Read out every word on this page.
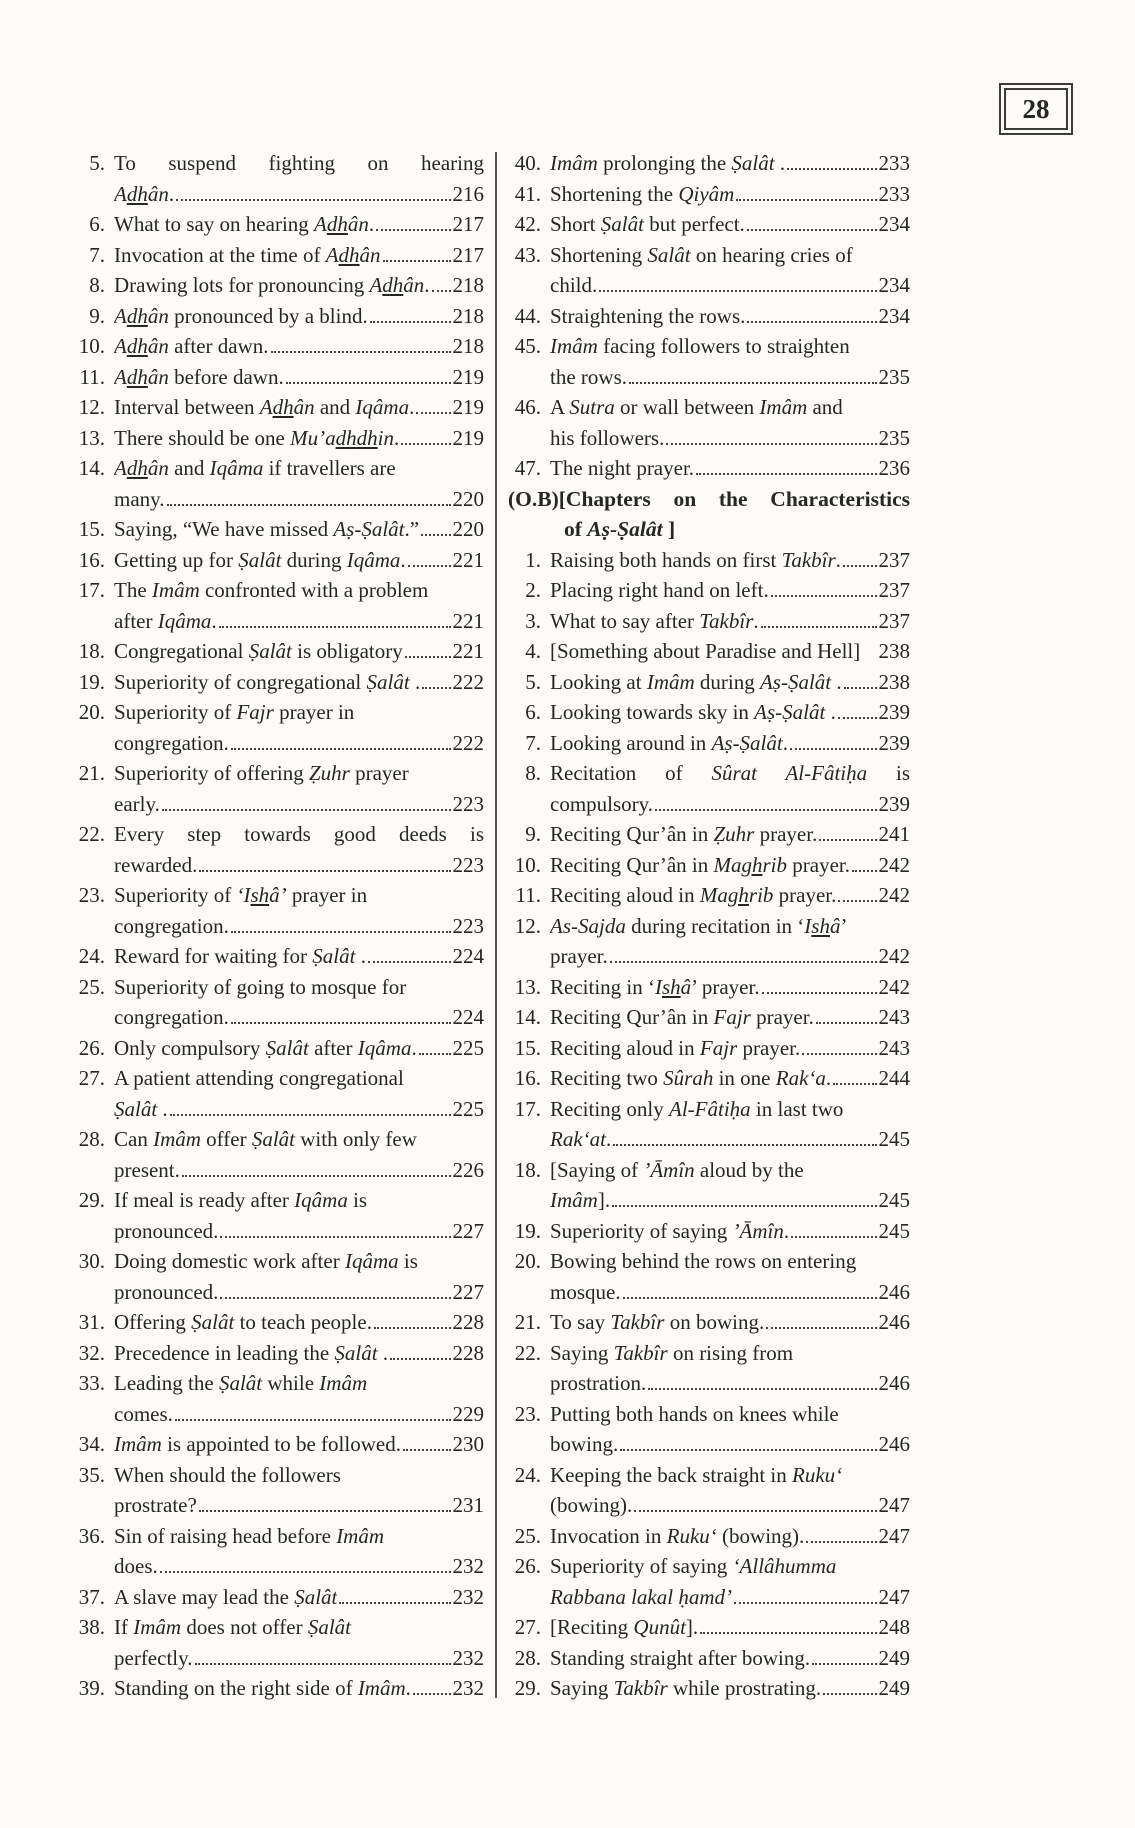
28
5. To suspend fighting on hearing
Adhân.	216
6. What to say on hearing Adhân.	217
7. Invocation at the time of Adhân	217
8. Drawing lots for pronouncing Adhân. 218
9. Adhân pronounced by a blind.	218
10. Adhân after dawn.	218
11. Adhân before dawn.	219
12. Interval between Adhân and Iqâma. 219
13. There should be one Mu’adhdhin.	219
14. Adhân and Iqâma if travellers are
many.	220
15. Saying, “We have missed Aṣ-Ṣalât.” 220
16. Getting up for Ṣalât during Iqâma. 221
17. The Imâm confronted with a problem
after Iqâma.	221
18. Congregational Ṣalât is obligatory 221
19. Superiority of congregational Ṣalât . 222
20. Superiority of Fajr prayer in
congregation.	222
21. Superiority of offering Ẓuhr prayer
early.	223
22. Every step towards good deeds is
rewarded.	223
23. Superiority of ‘Ishâ’ prayer in
congregation.	223
24. Reward for waiting for Ṣalât .	224
25. Superiority of going to mosque for
congregation.	224
26. Only compulsory Ṣalât after Iqâma. 225
27. A patient attending congregational
Ṣalât .	225
28. Can Imâm offer Ṣalât with only few
present.	226
29. If meal is ready after Iqâma is
pronounced.	227
30. Doing domestic work after Iqâma is
pronounced.	227
31. Offering Ṣalât to teach people.	228
32. Precedence in leading the Ṣalât .	228
33. Leading the Ṣalât while Imâm
comes.	229
34. Imâm is appointed to be followed. 230
35. When should the followers
prostrate?	231
36. Sin of raising head before Imâm
does.	232
37. A slave may lead the Ṣalât	232
38. If Imâm does not offer Ṣalât
perfectly.	232
39. Standing on the right side of Imâm. 232
40. Imâm prolonging the Ṣalât .	233
41. Shortening the Qiyâm	233
42. Short Ṣalât but perfect.	234
43. Shortening Salât on hearing cries of
child.	234
44. Straightening the rows.	234
45. Imâm facing followers to straighten
the rows.	235
46. A Sutra or wall between Imâm and
his followers.	235
47. The night prayer.	236
(O.B)[Chapters on the Characteristics
of Aṣ-Ṣalât ]
1. Raising both hands on first Takbîr. 237
2. Placing right hand on left.	237
3. What to say after Takbîr.	237
4. [Something about Paradise and Hell] 238
5. Looking at Imâm during Aṣ-Ṣalât . 238
6. Looking towards sky in Aṣ-Ṣalât . 239
7. Looking around in Aṣ-Ṣalât.	239
8. Recitation of Sûrat Al-Fâtiḥa is
compulsory.	239
9. Reciting Qur’ân in Ẓuhr prayer.	241
10. Reciting Qur’ân in Maghrib prayer. 242
11. Reciting aloud in Maghrib prayer. 242
12. As-Sajda during recitation in ‘Ishâ’
prayer.	242
13. Reciting in ‘Ishâ’ prayer.	242
14. Reciting Qur’ân in Fajr prayer.	243
15. Reciting aloud in Fajr prayer.	243
16. Reciting two Sûrah in one Rak‘a. 244
17. Reciting only Al-Fâtiḥa in last two
Rak‘at.	245
18. [Saying of ’Āmîn aloud by the
Imâm].	245
19. Superiority of saying ’Āmîn.	245
20. Bowing behind the rows on entering
mosque.	246
21. To say Takbîr on bowing.	246
22. Saying Takbîr on rising from
prostration.	246
23. Putting both hands on knees while
bowing.	246
24. Keeping the back straight in Ruku‘
(bowing).	247
25. Invocation in Ruku‘ (bowing).	247
26. Superiority of saying ‘Allâhumma
Rabbana lakal ḥamd’	247
27. [Reciting Qunût].	248
28. Standing straight after bowing.	249
29. Saying Takbîr while prostrating.	249
